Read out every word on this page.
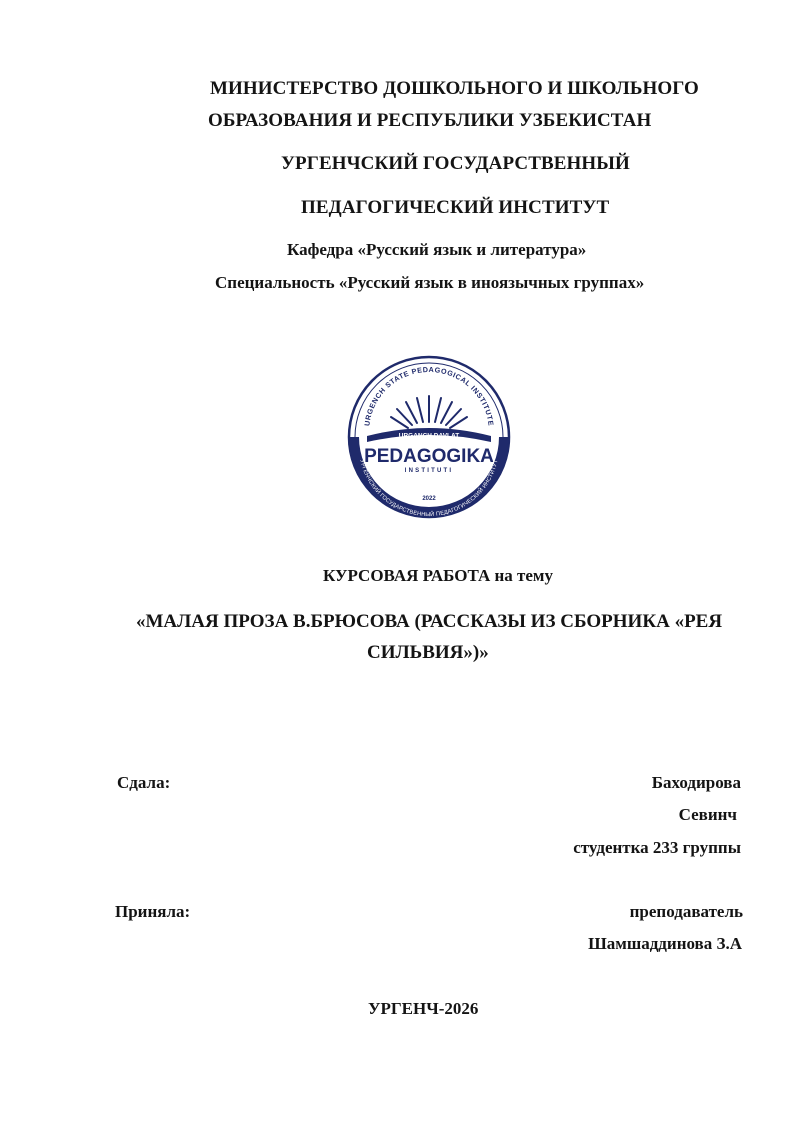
МИНИСТЕРСТВО ДОШКОЛЬНОГО И ШКОЛЬНОГО
ОБРАЗОВАНИЯ И РЕСПУБЛИКИ УЗБЕКИСТАН
УРГЕНЧСКИЙ ГОСУДАРСТВЕННЫЙ
ПЕДАГОГИЧЕСКИЙ ИНСТИТУТ
Кафедра «Русский язык и литература»
Специальность «Русский язык в иноязычных группах»
URGENCH STATE PEDAGOGICAL INSTITUTE
URGANCH DAVLAT
PEDAGOGIKA
INSTITUTI
2022
УРГЕНЧСКИЙ ГОСУДАРСТВЕННЫЙ ПЕДАГОГИЧЕСКИЙ ИНСТИТУТ
КУРСОВАЯ РАБОТА на тему
«МАЛАЯ ПРОЗА В.БРЮСОВА (РАССКАЗЫ ИЗ СБОРНИКА «РЕЯ
СИЛЬВИЯ»)»
Сдала:	Баходирова
Севинч
студентка 233 группы
Приняла:	преподаватель
Шамшаддинова З.А
УРГЕНЧ-2026
